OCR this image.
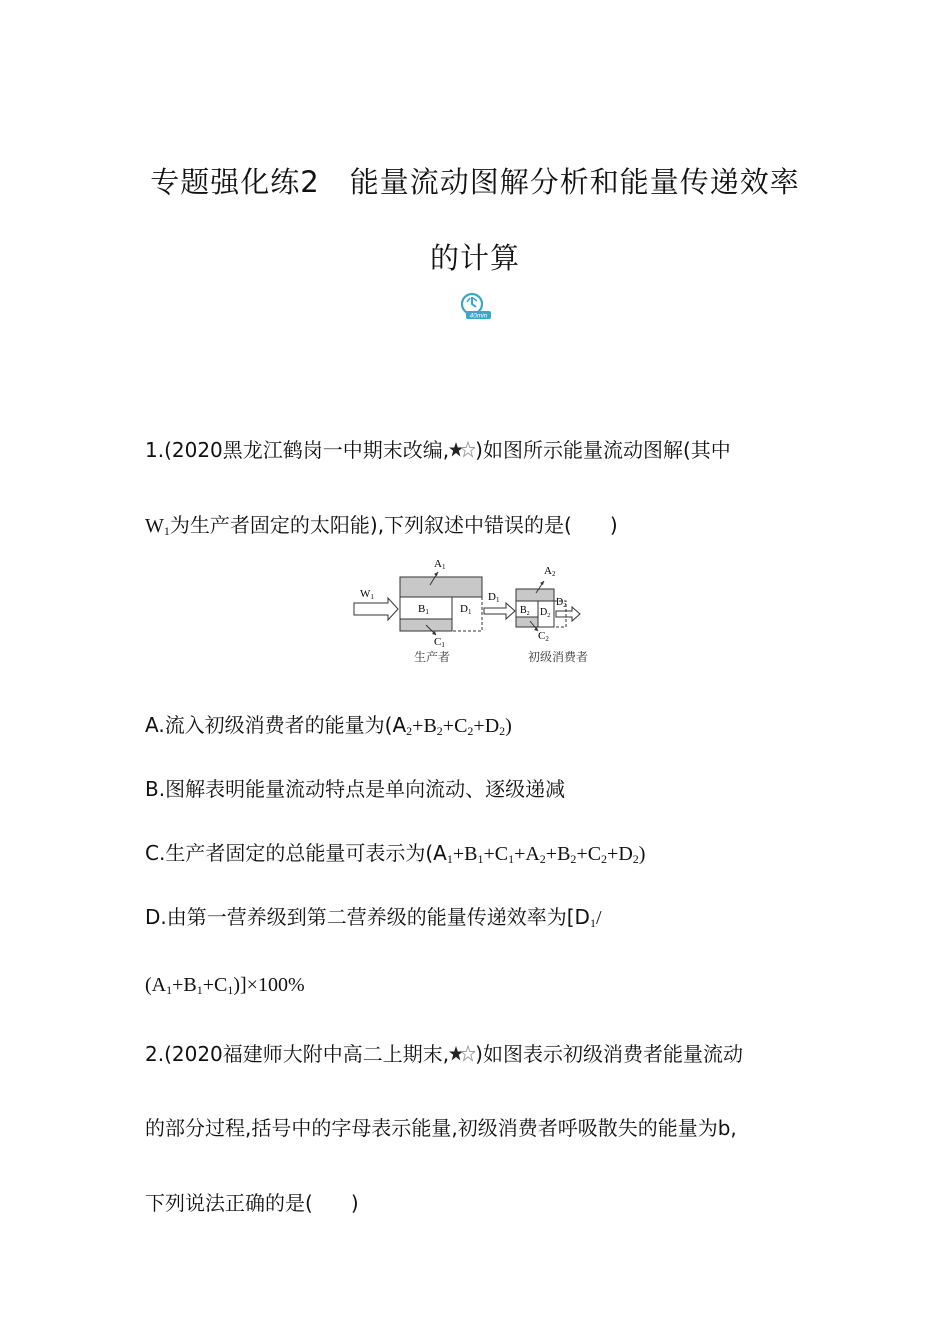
专题强化练2　能量流动图解分析和能量传递效率
的计算
40min
1.(2020黑龙江鹤岗一中期末改编, )如图所示能量流动图解(其中
$W_1$为生产者固定的太阳能),下列叙述中错误的是( )
W1
B1	D1
A1
C1
D1
$B_2$ $D_2$
A2
C2
$D_2$
生产者	初级消费者
A.流入初级消费者的能量为$(A_2+B_2+C_2+D_2)$
B.图解表明能量流动特点是单向流动、逐级递减
C.生产者固定的总能量可表示为$(A_1+B_1+C_1+A_2+B_2+C_2+D_2)$
D.由第一营养级到第二营养级的能量传递效率为[$D_1/$
$(A_1+B_1+C_1)]\times 100\%$
2.(2020福建师大附中高二上期末, )如图表示初级消费者能量流动
的部分过程,括号中的字母表示能量,初级消费者呼吸散失的能量为b,
下列说法正确的是( )
